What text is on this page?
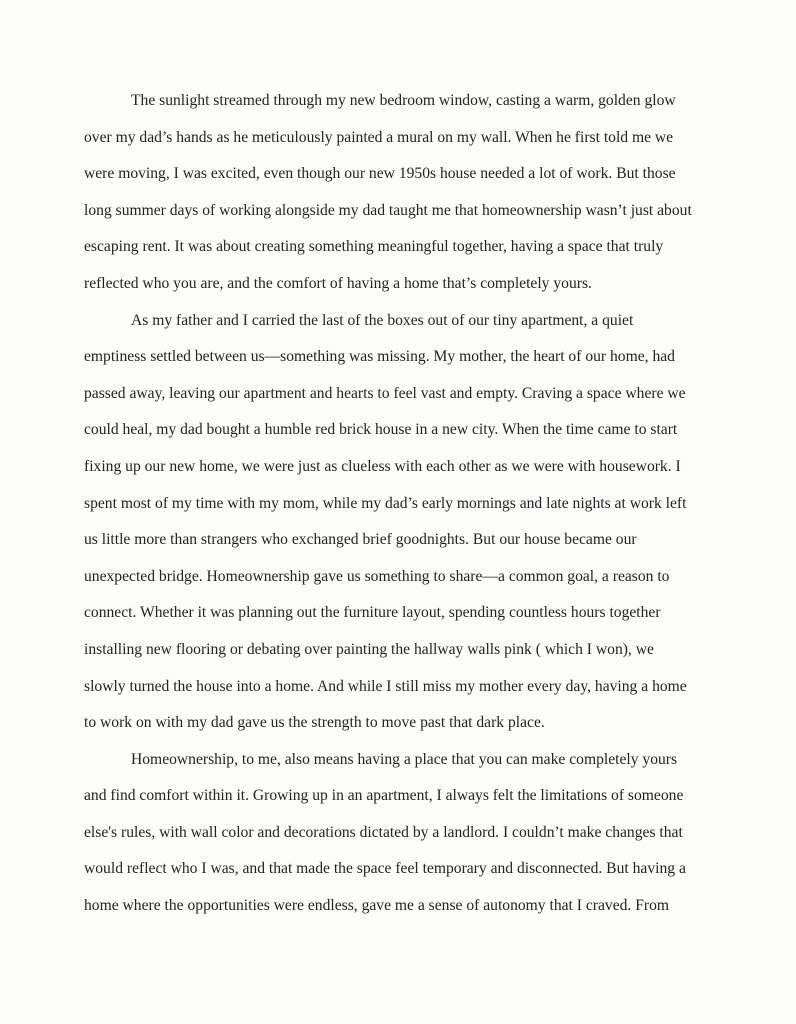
The sunlight streamed through my new bedroom window, casting a warm, golden glow
over my dad’s hands as he meticulously painted a mural on my wall. When he first told me we
were moving, I was excited, even though our new 1950s house needed a lot of work. But those
long summer days of working alongside my dad taught me that homeownership wasn’t just about
escaping rent. It was about creating something meaningful together, having a space that truly
reflected who you are, and the comfort of having a home that’s completely yours.

As my father and I carried the last of the boxes out of our tiny apartment, a quiet
emptiness settled between us—something was missing. My mother, the heart of our home, had
passed away, leaving our apartment and hearts to feel vast and empty. Craving a space where we
could heal, my dad bought a humble red brick house in a new city. When the time came to start
fixing up our new home, we were just as clueless with each other as we were with housework. I
spent most of my time with my mom, while my dad’s early mornings and late nights at work left
us little more than strangers who exchanged brief goodnights. But our house became our
unexpected bridge. Homeownership gave us something to share—a common goal, a reason to
connect. Whether it was planning out the furniture layout, spending countless hours together
installing new flooring or debating over painting the hallway walls pink ( which I won), we
slowly turned the house into a home. And while I still miss my mother every day, having a home
to work on with my dad gave us the strength to move past that dark place.

Homeownership, to me, also means having a place that you can make completely yours
and find comfort within it. Growing up in an apartment, I always felt the limitations of someone
else's rules, with wall color and decorations dictated by a landlord. I couldn’t make changes that
would reflect who I was, and that made the space feel temporary and disconnected. But having a
home where the opportunities were endless, gave me a sense of autonomy that I craved. From
